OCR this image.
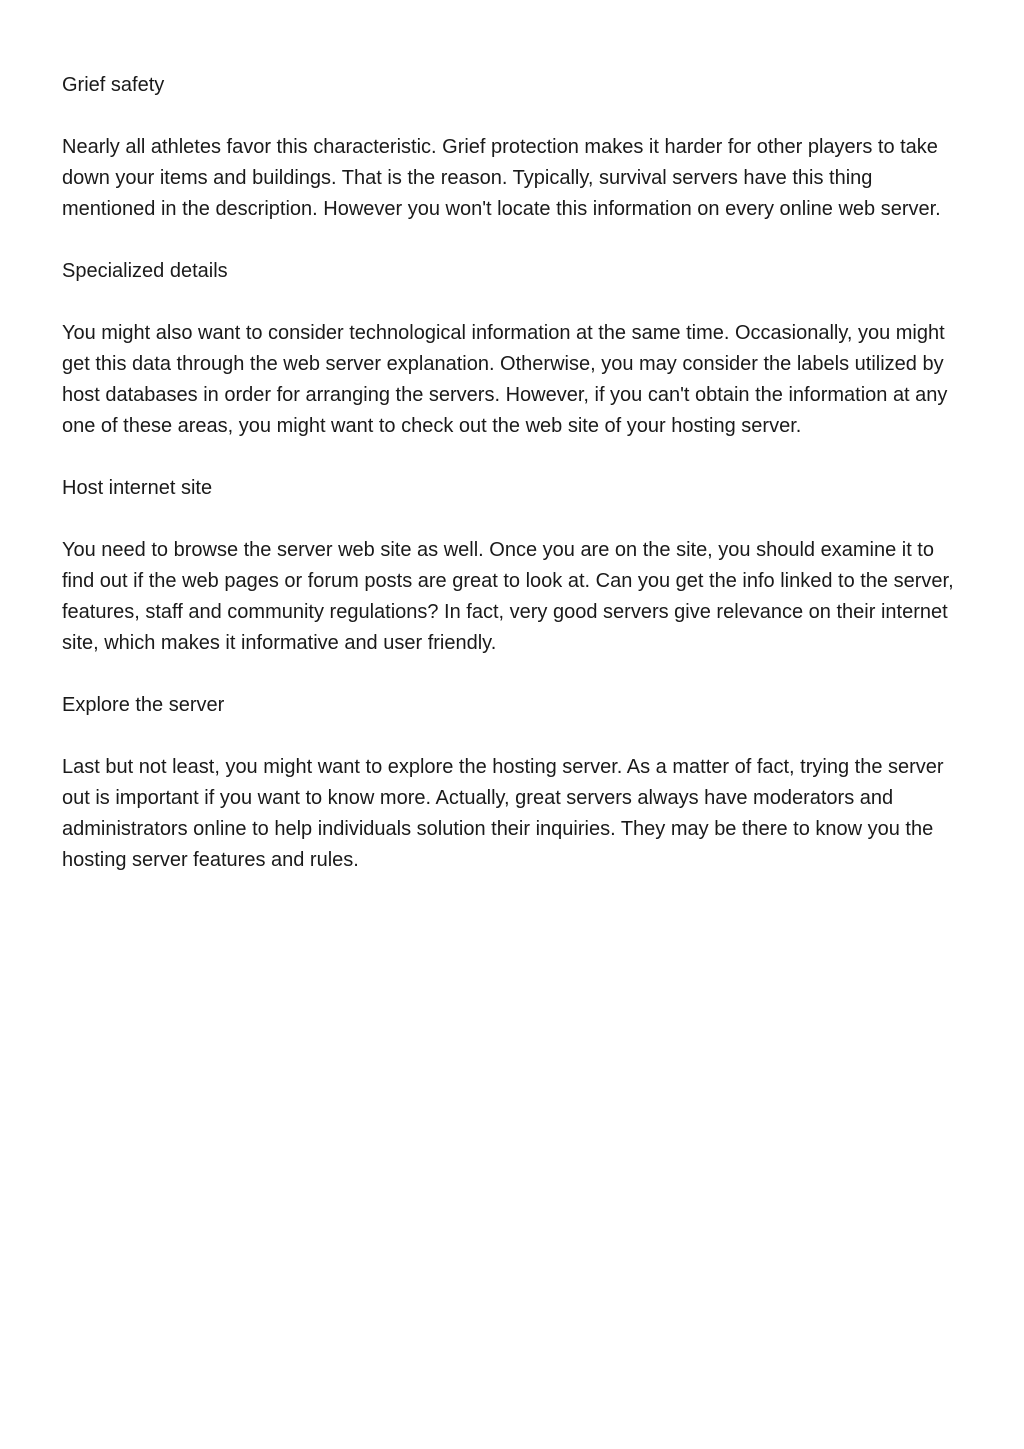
Grief safety

Nearly all athletes favor this characteristic. Grief protection makes it harder for other players to take down your items and buildings. That is the reason. Typically, survival servers have this thing mentioned in the description. However you won't locate this information on every online web server.

Specialized details

You might also want to consider technological information at the same time. Occasionally, you might get this data through the web server explanation. Otherwise, you may consider the labels utilized by host databases in order for arranging the servers. However, if you can't obtain the information at any one of these areas, you might want to check out the web site of your hosting server.

Host internet site

You need to browse the server web site as well. Once you are on the site, you should examine it to find out if the web pages or forum posts are great to look at. Can you get the info linked to the server, features, staff and community regulations? In fact, very good servers give relevance on their internet site, which makes it informative and user friendly.

Explore the server

Last but not least, you might want to explore the hosting server. As a matter of fact, trying the server out is important if you want to know more. Actually, great servers always have moderators and administrators online to help individuals solution their inquiries. They may be there to know you the hosting server features and rules.
